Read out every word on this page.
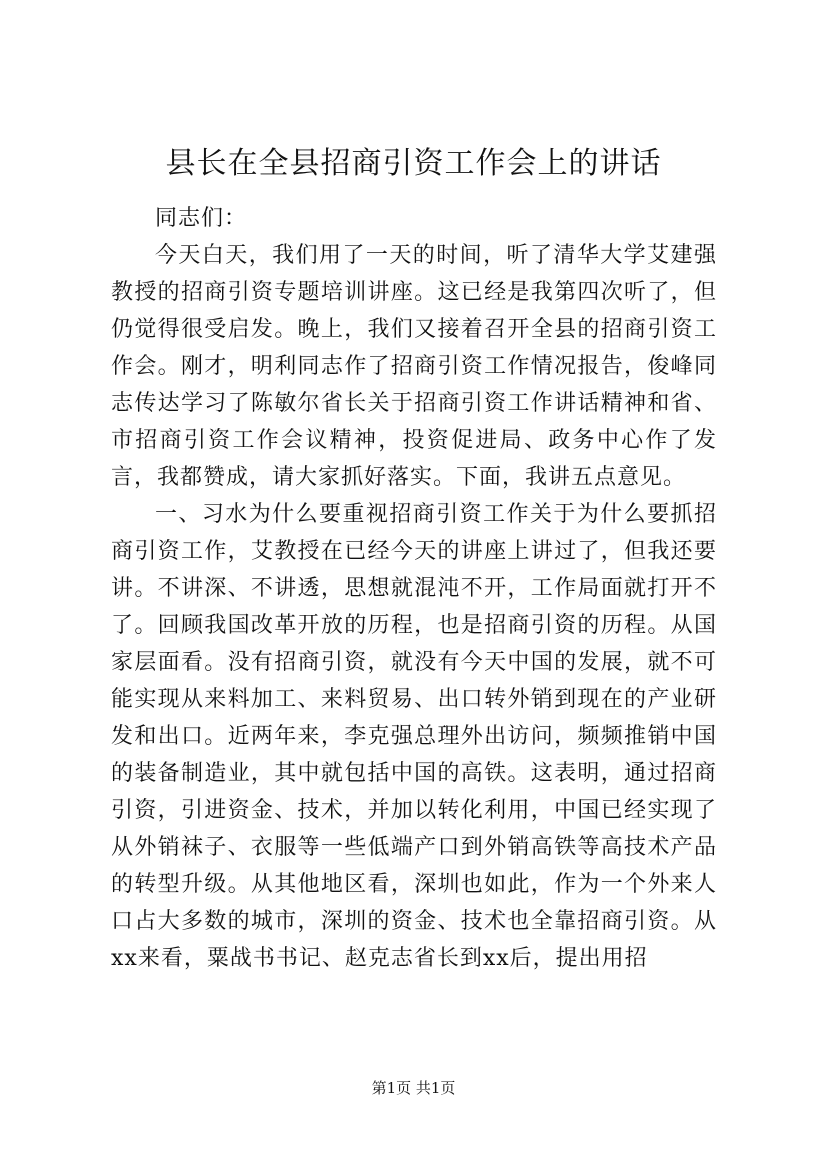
县长在全县招商引资工作会上的讲话

同志们：

今天白天，我们用了一天的时间，听了清华大学艾建强教授的招商引资专题培训讲座。这已经是我第四次听了，但仍觉得很受启发。晚上，我们又接着召开全县的招商引资工作会。刚才，明利同志作了招商引资工作情况报告，俊峰同志传达学习了陈敏尔省长关于招商引资工作讲话精神和省、市招商引资工作会议精神，投资促进局、政务中心作了发言，我都赞成，请大家抓好落实。下面，我讲五点意见。

一、习水为什么要重视招商引资工作关于为什么要抓招商引资工作，艾教授在已经今天的讲座上讲过了，但我还要讲。不讲深、不讲透，思想就混沌不开，工作局面就打开不了。回顾我国改革开放的历程，也是招商引资的历程。从国家层面看。没有招商引资，就没有今天中国的发展，就不可能实现从来料加工、来料贸易、出口转外销到现在的产业研发和出口。近两年来，李克强总理外出访问，频频推销中国的装备制造业，其中就包括中国的高铁。这表明，通过招商引资，引进资金、技术，并加以转化利用，中国已经实现了从外销袜子、衣服等一些低端产口到外销高铁等高技术产品的转型升级。从其他地区看，深圳也如此，作为一个外来人口占大多数的城市，深圳的资金、技术也全靠招商引资。从xx来看，粟战书书记、赵克志省长到xx后，提出用招

第1页 共1页
